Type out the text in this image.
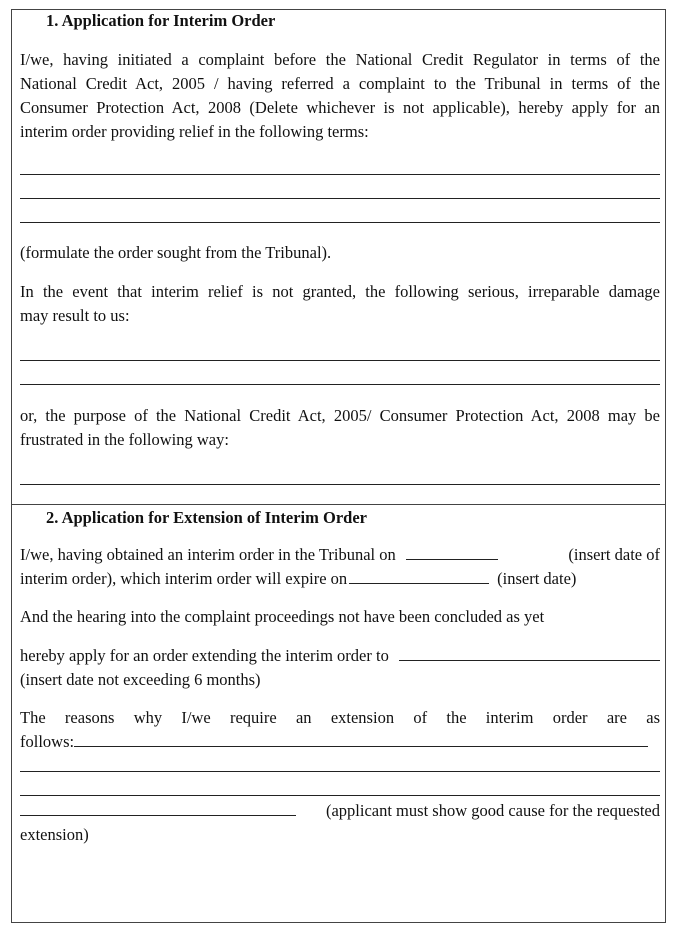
1. Application for Interim Order
I/we, having initiated a complaint before the National Credit Regulator in terms of the
National Credit Act, 2005 / having referred a complaint to the Tribunal in terms of the
Consumer Protection Act, 2008 (Delete whichever is not applicable), hereby apply for an
interim order providing relief in the following terms:
(formulate the order sought from the Tribunal).
In the event that interim relief is not granted, the following serious, irreparable damage
may result to us:
or, the purpose of the National Credit Act, 2005/ Consumer Protection Act, 2008 may be
frustrated in the following way:
2. Application for Extension of Interim Order
I/we, having obtained an interim order in the Tribunal on	(insert date of
interim order), which interim order will expire on	(insert date)
And the hearing into the complaint proceedings not have been concluded as yet
hereby apply for an order extending the interim order to
(insert date not exceeding 6 months)
The reasons why I/we require an extension of the interim order are as
follows:
(applicant must show good cause for the requested
extension)
